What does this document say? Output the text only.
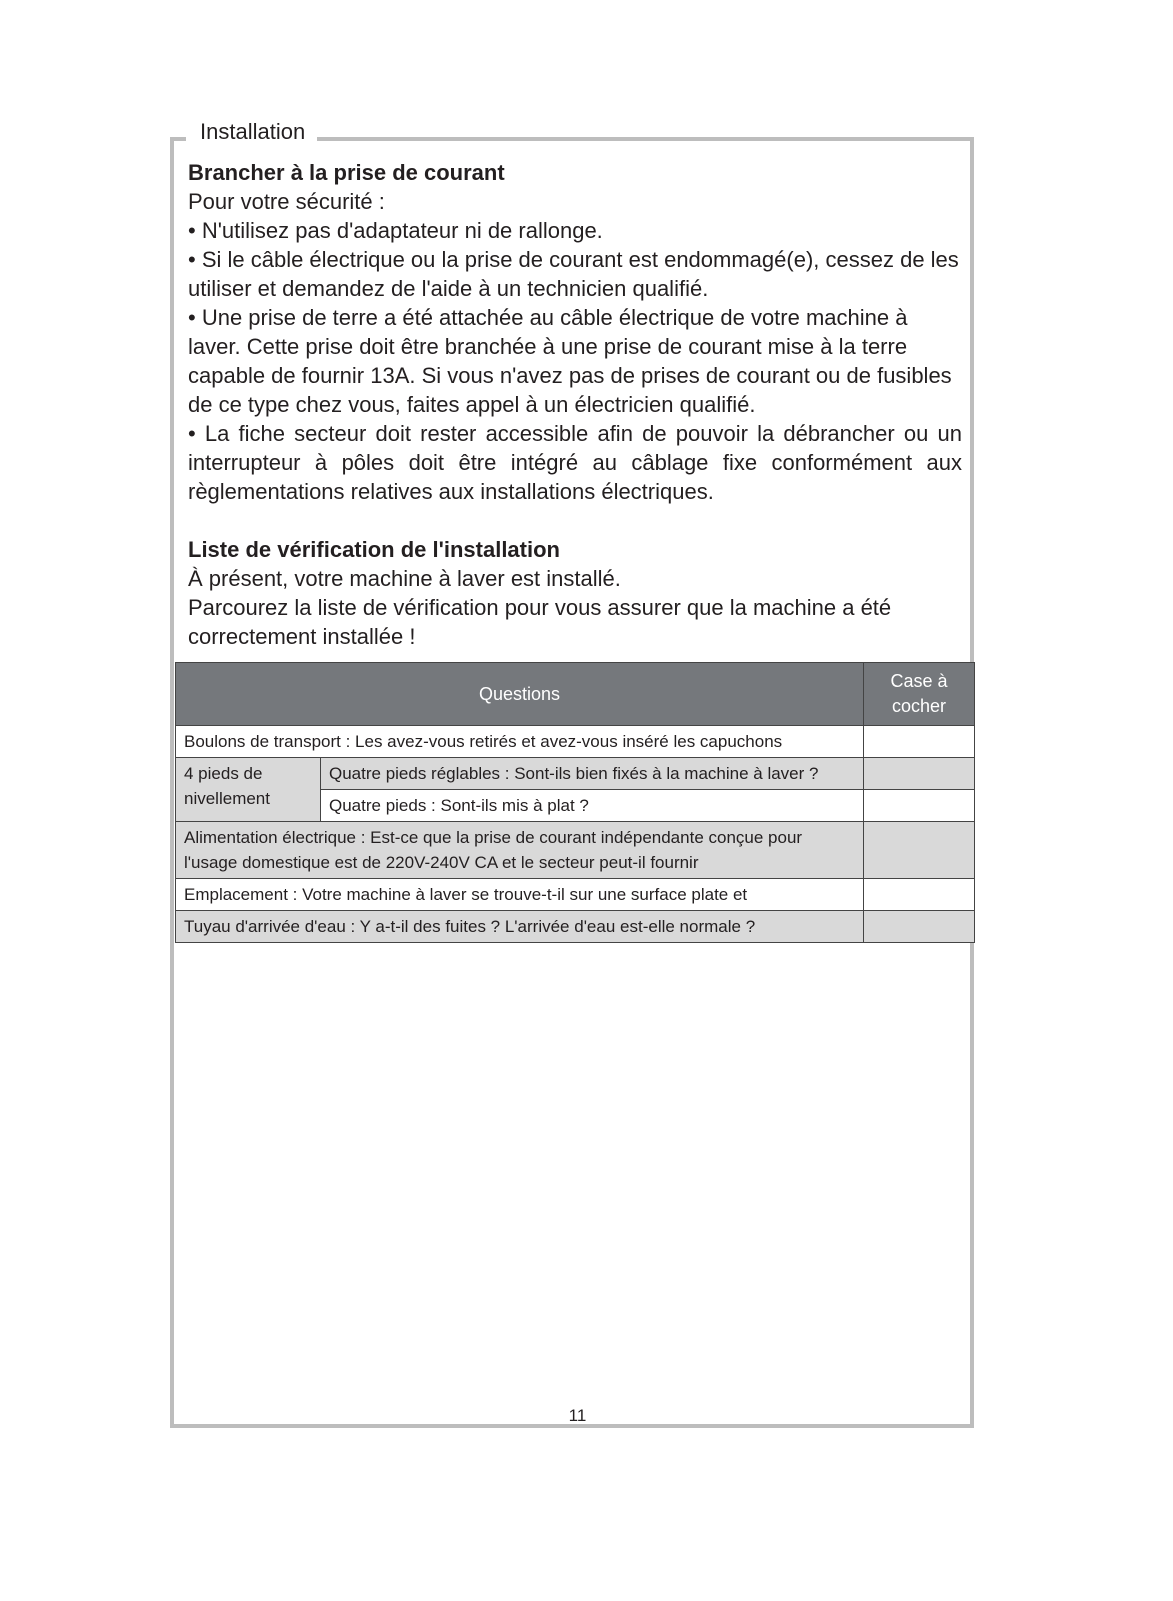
Installation

Brancher à la prise de courant

Pour votre sécurité :

• N'utilisez pas d'adaptateur ni de rallonge.

• Si le câble électrique ou la prise de courant est endommagé(e), cessez de les utiliser et demandez de l'aide à un technicien qualifié.

• Une prise de terre a été attachée au câble électrique de votre machine à laver. Cette prise doit être branchée à une prise de courant mise à la terre capable de fournir 13A. Si vous n'avez pas de prises de courant ou de fusibles de ce type chez vous, faites appel à un électricien qualifié.

• La fiche secteur doit rester accessible afin de pouvoir la débrancher ou un interrupteur à pôles doit être intégré au câblage fixe conformément aux règlementations relatives aux installations électriques.

Liste de vérification de l'installation

À présent, votre machine à laver est installé.

Parcourez la liste de vérification pour vous assurer que la machine a été correctement installée !

Questions		Case à cocher
Boulons de transport : Les avez-vous retirés et avez-vous inséré les capuchons		
4 pieds de nivellement	Quatre pieds réglables : Sont-ils bien fixés à la machine à laver ?	
	Quatre pieds : Sont-ils mis à plat ?	
Alimentation électrique : Est-ce que la prise de courant indépendante conçue pour l'usage domestique est de 220V-240V CA et le secteur peut-il fournir		
Emplacement : Votre machine à laver se trouve-t-il sur une surface plate et		
Tuyau d'arrivée d'eau : Y a-t-il des fuites ? L'arrivée d'eau est-elle normale ?		
11
